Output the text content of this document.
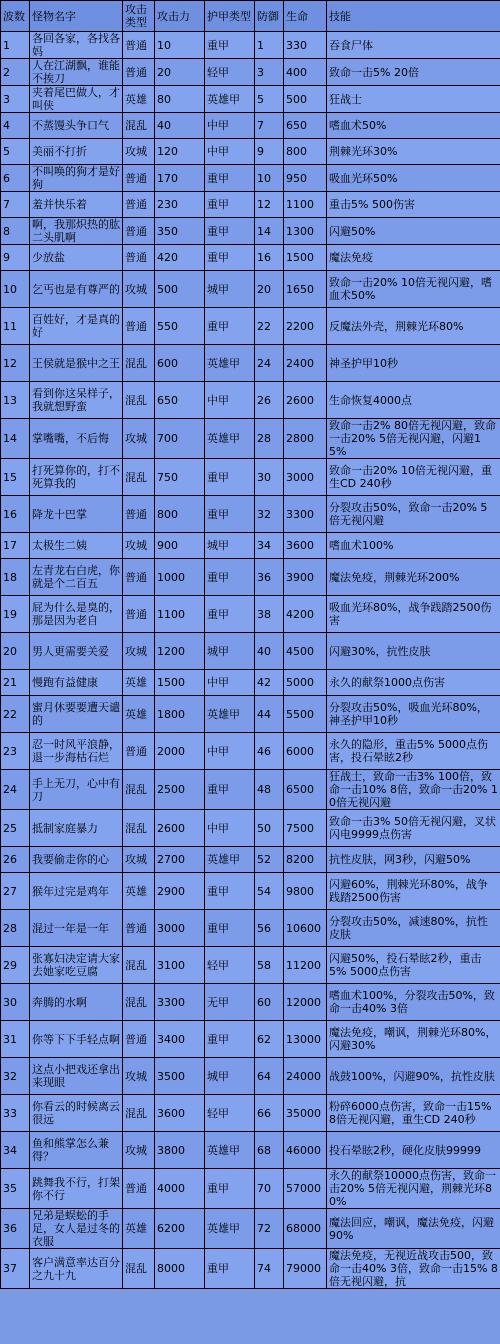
波数	怪物名字	攻击类型	攻击力	护甲类型	防御	生命	技能
1	各回各家，各找各妈	普通	10	重甲	1	330	吞食尸体
2	人在江湖飘，谁能不挨刀	普通	20	轻甲	3	400	致命一击5% 20倍
3	夹着尾巴做人，才叫侠	英雄	80	英雄甲	5	500	狂战士
4	不蒸馒头争口气	混乱	40	中甲	7	650	嗜血术50%
5	美丽不打折	攻城	120	中甲	9	800	荆棘光环30%
6	不叫唤的狗才是好狗	普通	170	重甲	10	950	吸血光环50%
7	羞并快乐着	普通	230	重甲	12	1100	重击5% 500伤害
8	啊，我那炽热的肱二头肌啊	普通	350	重甲	14	1300	闪避50%
9	少放盐	普通	420	重甲	16	1500	魔法免疫
10	乞丐也是有尊严的	攻城	500	城甲	20	1650	致命一击20% 10倍无视闪避，嗜血术50%
11	百姓好，才是真的好	普通	550	重甲	22	2200	反魔法外壳，荆棘光环80%
12	王侯就是猴中之王	混乱	600	英雄甲	24	2400	神圣护甲10秒
13	看到你这呆样子，我就想野蛮	混乱	650	中甲	26	2600	生命恢复4000点
14	掌嘴嘴，不后悔	攻城	700	英雄甲	28	2800	致命一击2% 80倍无视闪避，致命一击20% 5倍无视闪避，闪避15%
15	打死算你的，打不死算我的	混乱	750	重甲	30	3000	致命一击20% 10倍无视闪避，重生CD 240秒
16	降龙十巴掌	普通	800	重甲	32	3300	分裂攻击50%，致命一击20% 5倍无视闪避
17	太极生二姨	攻城	900	城甲	34	3600	嗜血术100%
18	左青龙右白虎，你就是个二百五	普通	1000	重甲	36	3900	魔法免疫，荆棘光环200%
19	屁为什么是臭的，那是因为老自	普通	1100	重甲	38	4200	吸血光环80%，战争践踏2500伤害
20	男人更需要关爱	攻城	1200	城甲	40	4500	闪避30%，抗性皮肤
21	慢跑有益健康	英雄	1500	中甲	42	5000	永久的献祭1000点伤害
22	蜜月休要要遭天谴的	英雄	1800	英雄甲	44	5500	分裂攻击50%，吸血光环80%，神圣护甲10秒
23	忍一时风平浪静，退一步海枯石烂	普通	2000	中甲	46	6000	永久的隐形，重击5% 5000点伤害，投石晕眩2秒
24	手上无刀，心中有刀	混乱	2500	重甲	48	6500	狂战士，致命一击3% 100倍，致命一击10% 8倍，致命一击20% 10倍无视闪避
25	抵制家庭暴力	混乱	2600	中甲	50	7500	致命一击3% 50倍无视闪避，叉状闪电9999点伤害
26	我要偷走你的心	攻城	2700	英雄甲	52	8200	抗性皮肤，网3秒，闪避50%
27	猴年过完是鸡年	英雄	2900	重甲	54	9800	闪避60%，荆棘光环80%，战争践踏2500伤害
28	混过一年是一年	普通	3000	重甲	56	10600	分裂攻击50%，减速80%，抗性皮肤
29	张寡妇决定请大家去她家吃豆腐	混乱	3100	轻甲	58	11200	闪避50%，投石晕眩2秒，重击5% 5000点伤害
30	奔腾的水啊	混乱	3300	无甲	60	12000	嗜血术100%，分裂攻击50%，致命一击40% 3倍
31	你等下下手轻点啊	普通	3400	重甲	62	13000	魔法免疫，嘲讽，荆棘光环80%，闪避30%
32	这点小把戏还拿出来现眼	攻城	3500	城甲	64	24000	战鼓100%，闪避90%，抗性皮肤
33	你看云的时候离云很远	混乱	3600	轻甲	66	35000	粉碎6000点伤害，致命一击15% 8倍无视闪避，重生CD 240秒
34	鱼和熊掌怎么兼得？	攻城	3800	英雄甲	68	46000	投石晕眩2秒，硬化皮肤99999
35	跳舞我不行，打架你不行	普通	4000	重甲	70	57000	永久的献祭10000点伤害，致命一击20% 5倍无视闪避，荆棘光环80%
36	兄弟是蜈蚣的手足，女人是过冬的衣服	英雄	6200	英雄甲	72	68000	魔法回应，嘲讽，魔法免疫，闪避90%
37	客户满意率达百分之九十九	混乱	8000	重甲	74	79000	魔法免疫，无视近战攻击500，致命一击40% 3倍，致命一击15% 8倍无视闪避，抗
